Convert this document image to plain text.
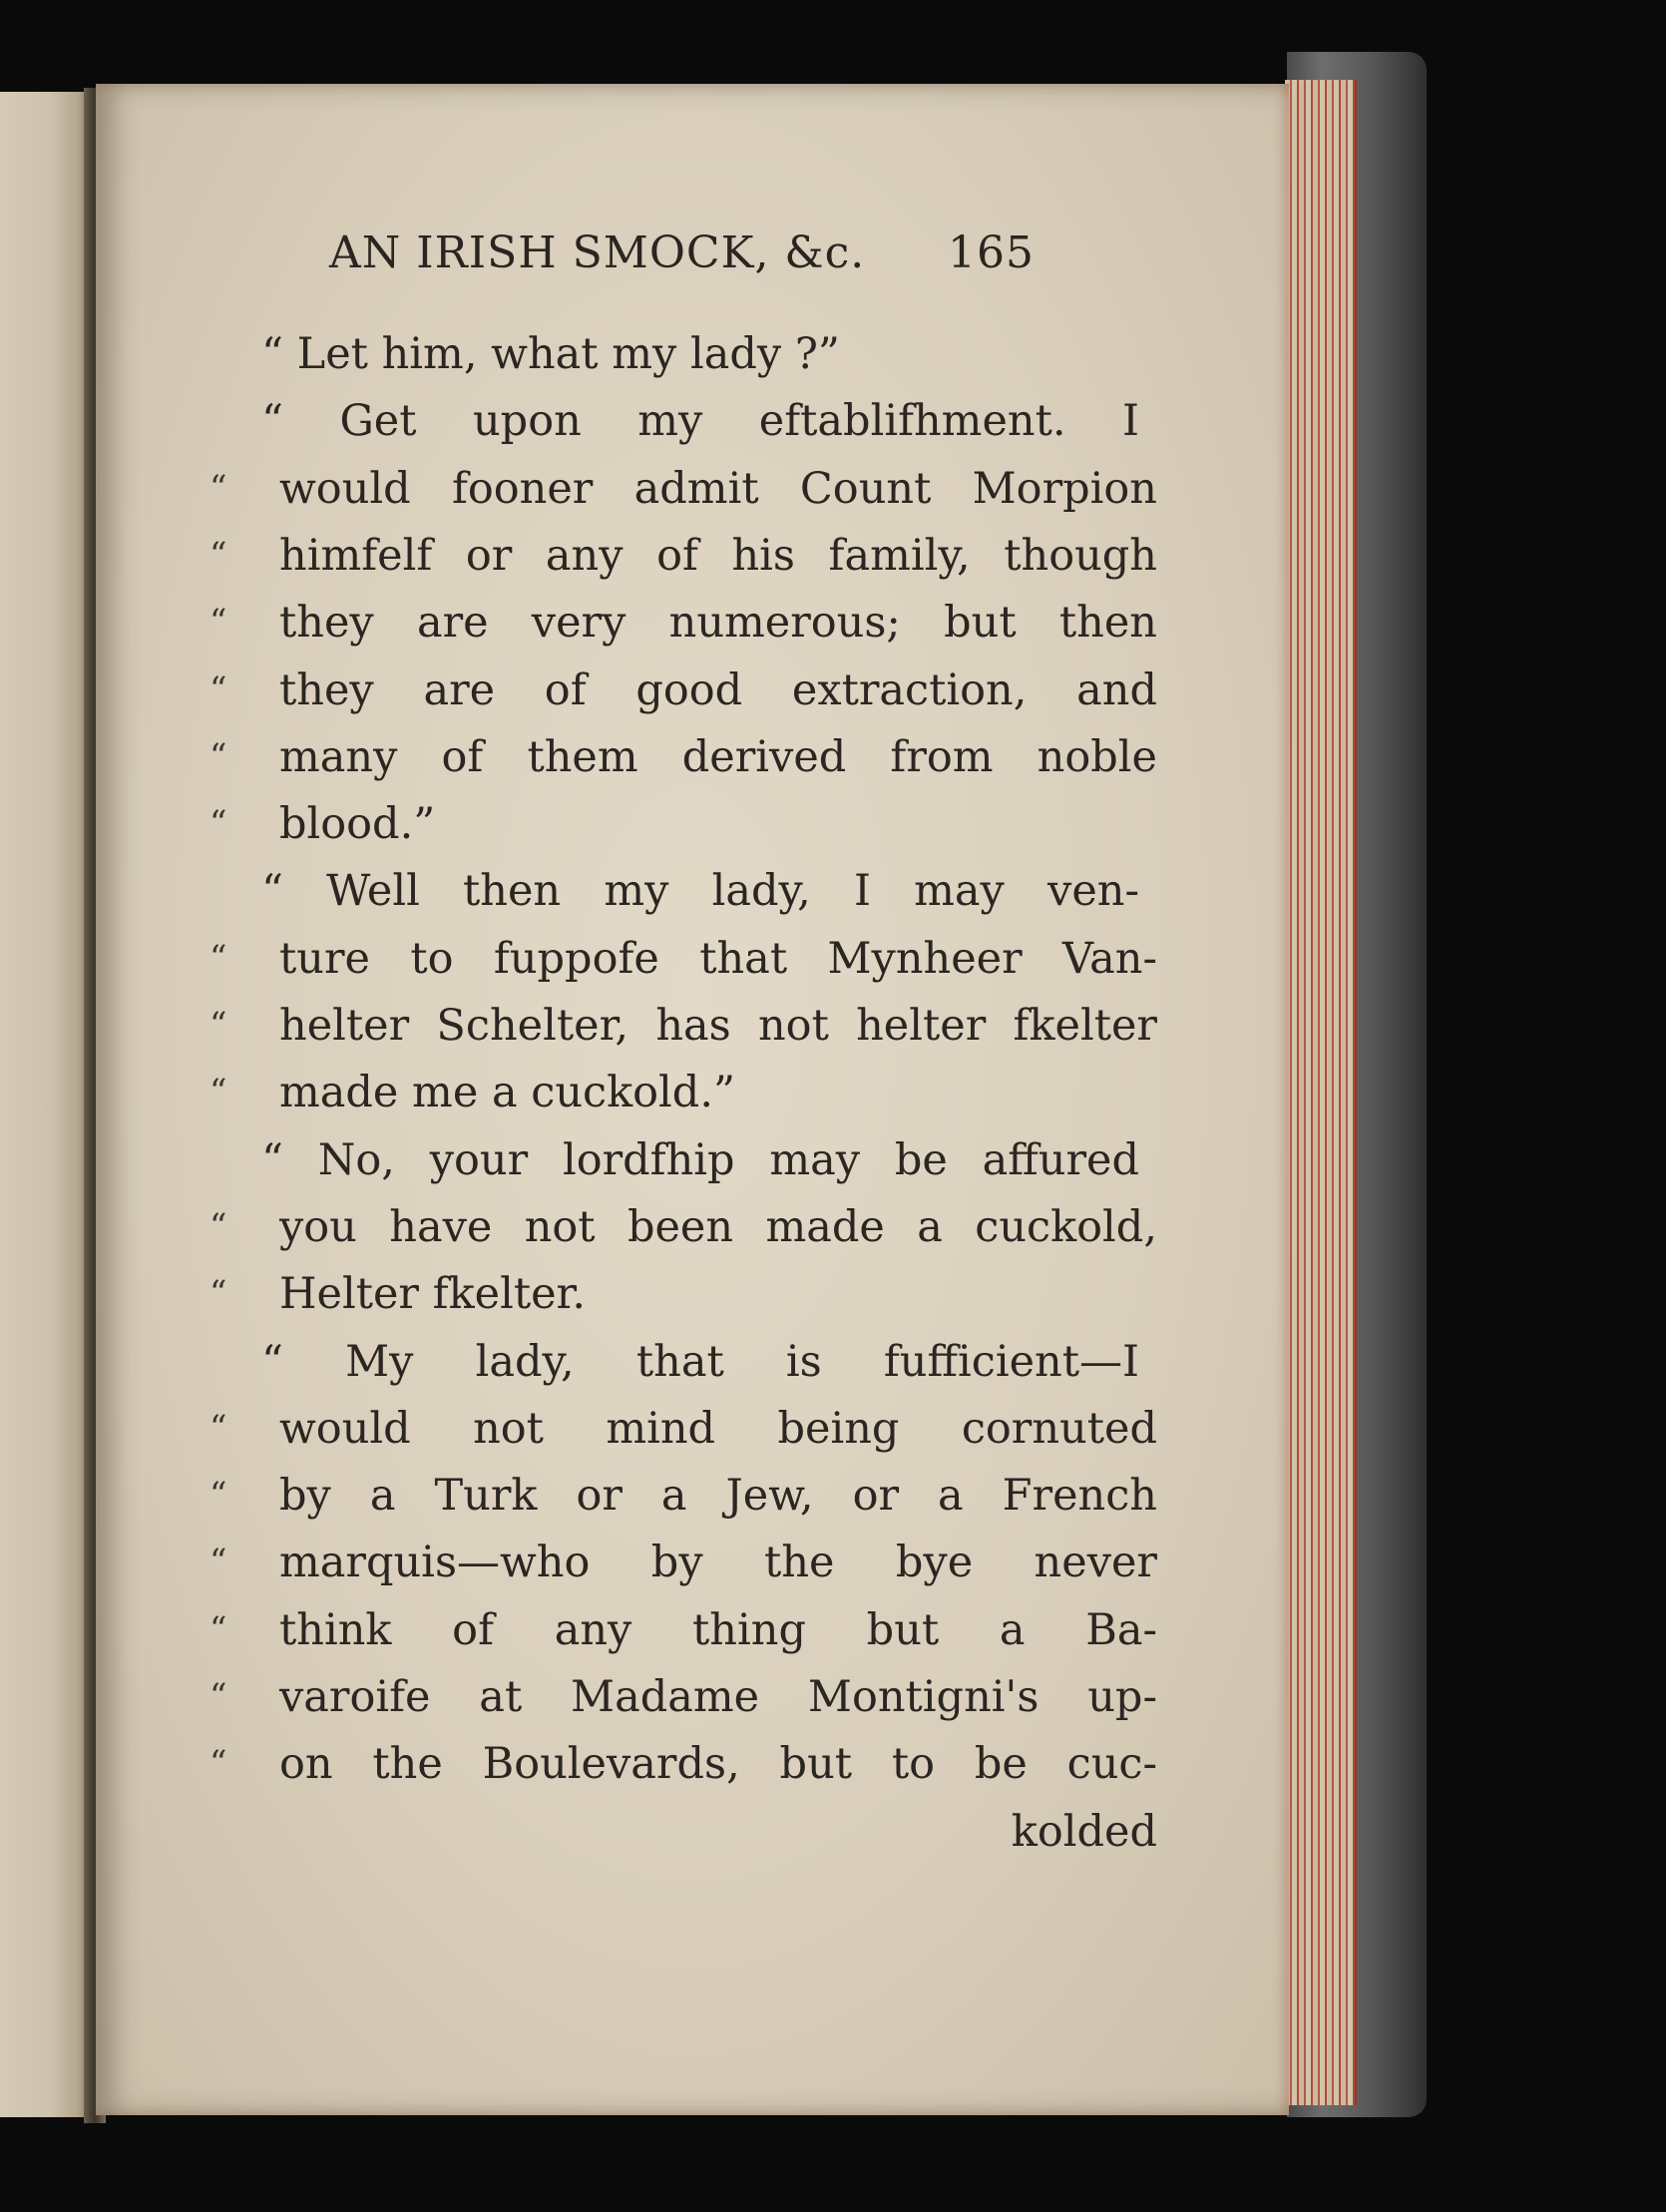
AN IRISH SMOCK, &c. 165
“ Let him, what my lady ?”
“ Get upon my eftablifhment. I
“	would fooner admit Count Morpion
“	himfelf or any of his family, though
“	they are very numerous; but then
“	they are of good extraction, and
“	many of them derived from noble
“	blood.”
“ Well then my lady, I may ven-
“	ture to fuppofe that Mynheer Van-
“	helter Schelter, has not helter fkelter
“	made me a cuckold.”
“ No, your lordfhip may be affured
“	you have not been made a cuckold,
“	Helter fkelter.
“ My lady, that is fufficient—I
“	would not mind being cornuted
“	by a Turk or a Jew, or a French
“	marquis—who by the bye never
“	think of any thing but a Ba-
“	varoife at Madame Montigni's up-
“	on the Boulevards, but to be cuc-
kolded
